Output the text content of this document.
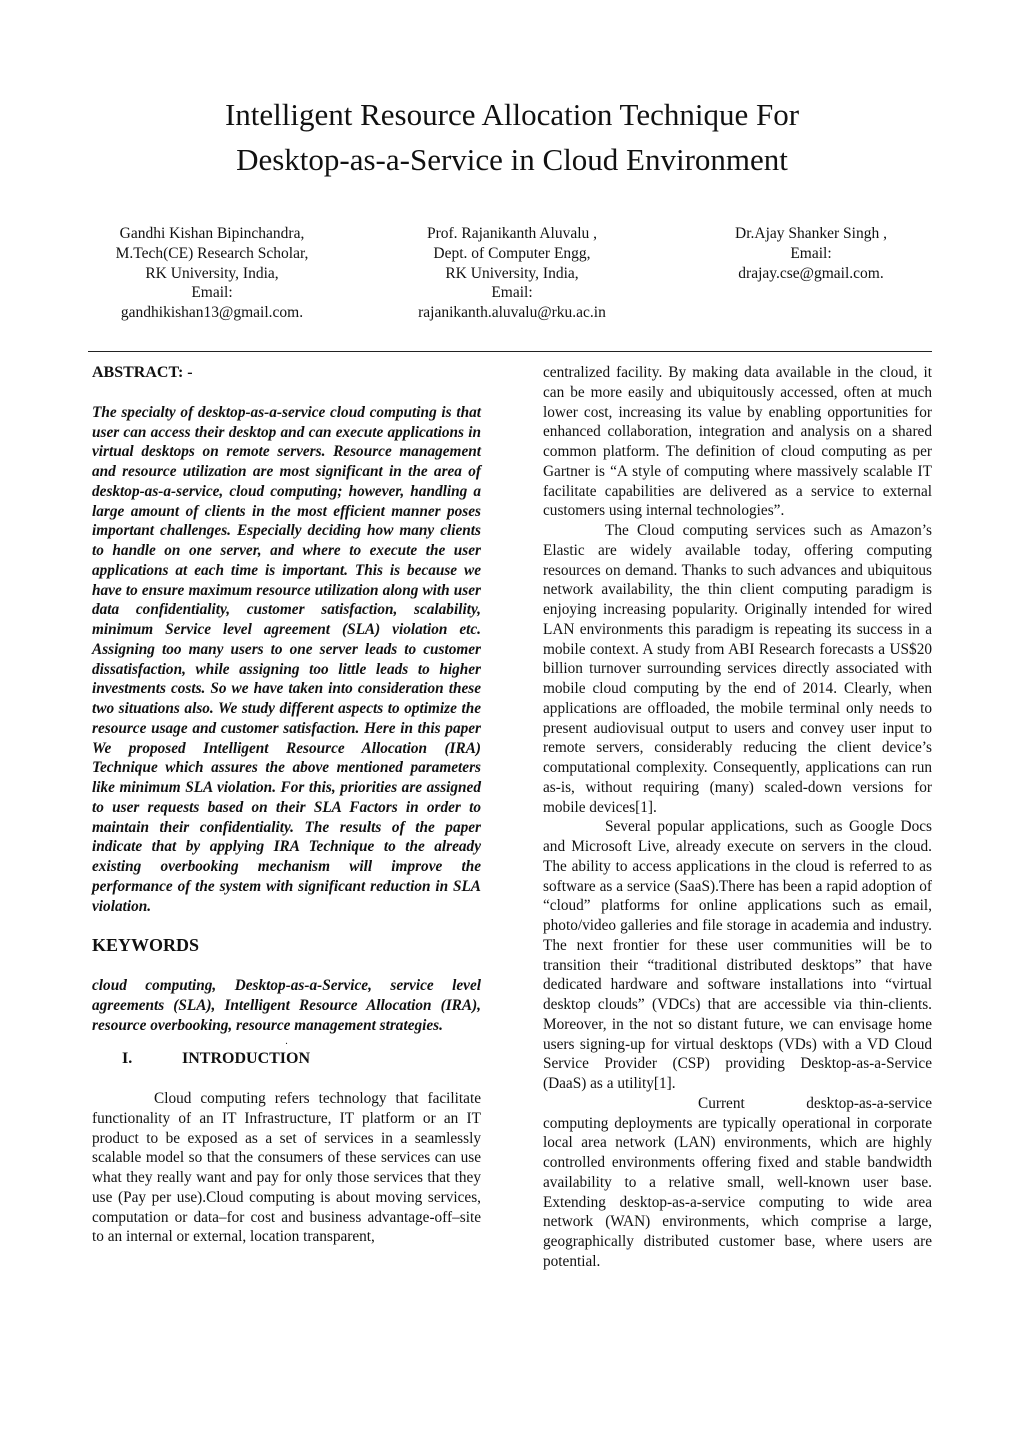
Intelligent Resource Allocation Technique For
Desktop-as-a-Service in Cloud Environment
Gandhi Kishan Bipinchandra,
M.Tech(CE) Research Scholar,
RK University, India,
Email:
gandhikishan13@gmail.com.
Prof. Rajanikanth Aluvalu ,
Dept. of Computer Engg,
RK University, India,
Email:
rajanikanth.aluvalu@rku.ac.in
Dr.Ajay Shanker Singh ,
Email:
drajay.cse@gmail.com.

ABSTRACT: -

The specialty of desktop-as-a-service cloud computing is that user can access their desktop and can execute applications in virtual desktops on remote servers. Resource management and resource utilization are most significant in the area of desktop-as-a-service, cloud computing; however, handling a large amount of clients in the most efficient manner poses important challenges. Especially deciding how many clients to handle on one server, and where to execute the user applications at each time is important. This is because we have to ensure maximum resource utilization along with user data confidentiality, customer satisfaction, scalability, minimum Service level agreement (SLA) violation etc. Assigning too many users to one server leads to customer dissatisfaction, while assigning too little leads to higher investments costs. So we have taken into consideration these two situations also. We study different aspects to optimize the resource usage and customer satisfaction. Here in this paper We proposed Intelligent Resource Allocation (IRA) Technique which assures the above mentioned parameters like minimum SLA violation. For this, priorities are assigned to user requests based on their SLA Factors in order to maintain their confidentiality. The results of the paper indicate that by applying IRA Technique to the already existing overbooking mechanism will improve the performance of the system with significant reduction in SLA violation.

KEYWORDS

cloud computing, Desktop-as-a-Service, service level agreements (SLA), Intelligent Resource Allocation (IRA), resource overbooking, resource management strategies.

.

I.	INTRODUCTION

Cloud computing refers technology that facilitate functionality of an IT Infrastructure, IT platform or an IT product to be exposed as a set of services in a seamlessly scalable model so that the consumers of these services can use what they really want and pay for only those services that they use (Pay per use).Cloud computing is about moving services, computation or data–for cost and business advantage-off–site to an internal or external, location transparent,

centralized facility. By making data available in the cloud, it can be more easily and ubiquitously accessed, often at much lower cost, increasing its value by enabling opportunities for enhanced collaboration, integration and analysis on a shared common platform. The definition of cloud computing as per Gartner is “A style of computing where massively scalable IT facilitate capabilities are delivered as a service to external customers using internal technologies”.

The Cloud computing services such as Amazon’s Elastic are widely available today, offering computing resources on demand. Thanks to such advances and ubiquitous network availability, the thin client computing paradigm is enjoying increasing popularity. Originally intended for wired LAN environments this paradigm is repeating its success in a mobile context. A study from ABI Research forecasts a US$20 billion turnover surrounding services directly associated with mobile cloud computing by the end of 2014. Clearly, when applications are offloaded, the mobile terminal only needs to present audiovisual output to users and convey user input to remote servers, considerably reducing the client device’s computational complexity. Consequently, applications can run as-is, without requiring (many) scaled-down versions for mobile devices[1].

Several popular applications, such as Google Docs and Microsoft Live, already execute on servers in the cloud. The ability to access applications in the cloud is referred to as software as a service (SaaS).There has been a rapid adoption of “cloud” platforms for online applications such as email, photo/video galleries and file storage in academia and industry. The next frontier for these user communities will be to transition their “traditional distributed desktops” that have dedicated hardware and software installations into “virtual desktop clouds” (VDCs) that are accessible via thin-clients. Moreover, in the not so distant future, we can envisage home users signing-up for virtual desktops (VDs) with a VD Cloud Service Provider (CSP) providing Desktop-as-a-Service (DaaS) as a utility[1].

Current desktop-as-a-service computing deployments are typically operational in corporate local area network (LAN) environments, which are highly controlled environments offering fixed and stable bandwidth availability to a relative small, well-known user base. Extending desktop-as-a-service computing to wide area network (WAN) environments, which comprise a large, geographically distributed customer base, where users are potential.
